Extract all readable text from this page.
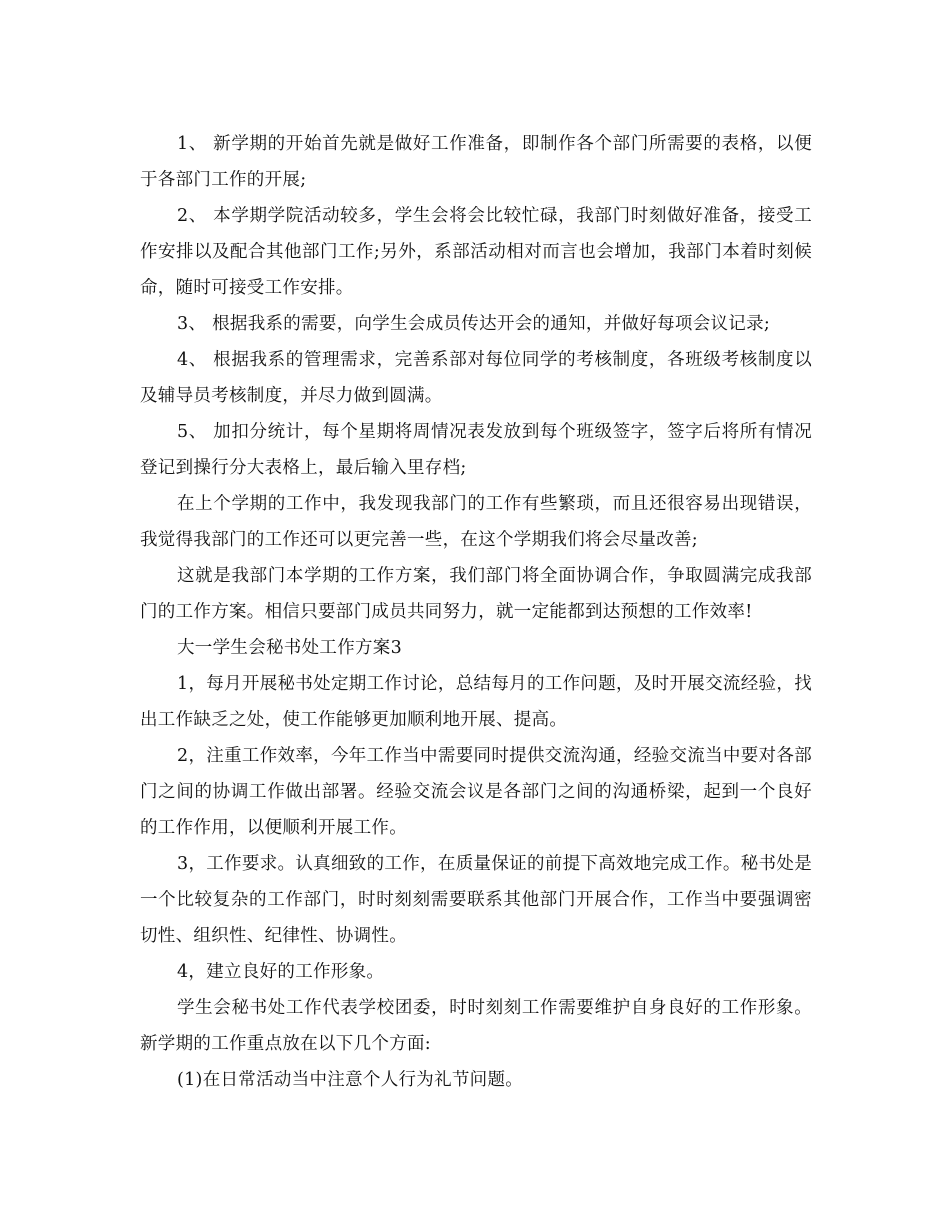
1、 新学期的开始首先就是做好工作准备，即制作各个部门所需要的表格，以便于各部门工作的开展;

2、 本学期学院活动较多，学生会将会比较忙碌，我部门时刻做好准备，接受工作安排以及配合其他部门工作;另外，系部活动相对而言也会增加，我部门本着时刻候命，随时可接受工作安排。

3、 根据我系的需要，向学生会成员传达开会的通知，并做好每项会议记录;

4、 根据我系的管理需求，完善系部对每位同学的考核制度，各班级考核制度以及辅导员考核制度，并尽力做到圆满。

5、 加扣分统计，每个星期将周情况表发放到每个班级签字，签字后将所有情况登记到操行分大表格上，最后输入里存档;

在上个学期的工作中，我发现我部门的工作有些繁琐，而且还很容易出现错误，我觉得我部门的工作还可以更完善一些，在这个学期我们将会尽量改善;

这就是我部门本学期的工作方案，我们部门将全面协调合作，争取圆满完成我部门的工作方案。相信只要部门成员共同努力，就一定能都到达预想的工作效率!

大一学生会秘书处工作方案3

1，每月开展秘书处定期工作讨论，总结每月的工作问题，及时开展交流经验，找出工作缺乏之处，使工作能够更加顺利地开展、提高。

2，注重工作效率，今年工作当中需要同时提供交流沟通，经验交流当中要对各部门之间的协调工作做出部署。经验交流会议是各部门之间的沟通桥梁，起到一个良好的工作作用，以便顺利开展工作。

3，工作要求。认真细致的工作，在质量保证的前提下高效地完成工作。秘书处是一个比较复杂的工作部门，时时刻刻需要联系其他部门开展合作，工作当中要强调密切性、组织性、纪律性、协调性。

4，建立良好的工作形象。

学生会秘书处工作代表学校团委，时时刻刻工作需要维护自身良好的工作形象。新学期的工作重点放在以下几个方面:

(1)在日常活动当中注意个人行为礼节问题。
